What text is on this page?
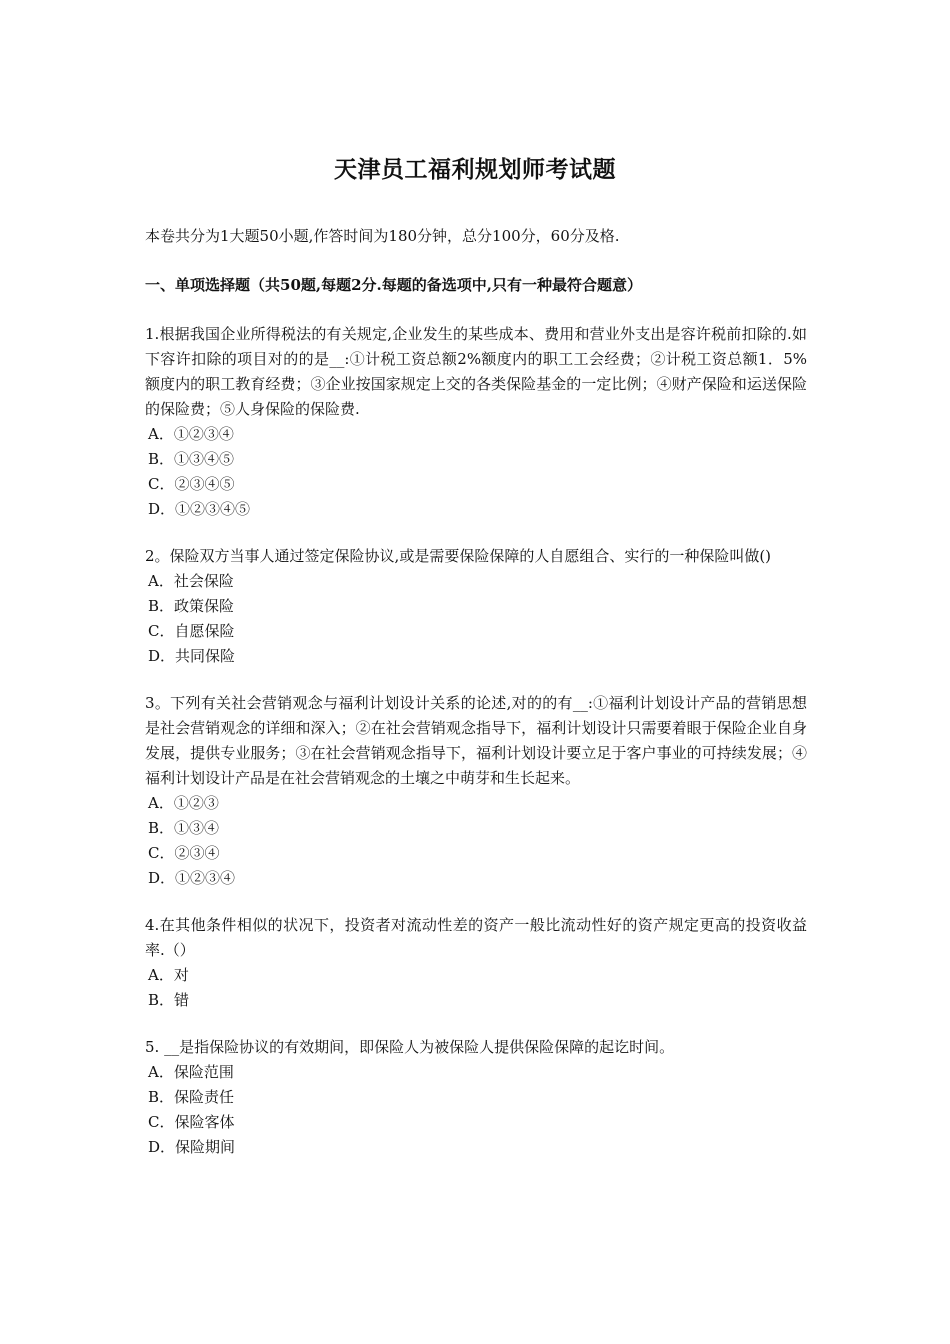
天津员工福利规划师考试题

本卷共分为1大题50小题,作答时间为180分钟，总分100分，60分及格.

一、单项选择题（共50题,每题2分.每题的备选项中,只有一种最符合题意）

1.根据我国企业所得税法的有关规定,企业发生的某些成本、费用和营业外支出是容许税前扣除的.如下容许扣除的项目对的的是__:①计税工资总额2%额度内的职工工会经费；②计税工资总额1．5%额度内的职工教育经费；③企业按国家规定上交的各类保险基金的一定比例；④财产保险和运送保险的保险费；⑤人身保险的保险费.

A．①②③④
B．①③④⑤
C．②③④⑤
D．①②③④⑤

2。保险双方当事人通过签定保险协议,或是需要保险保障的人自愿组合、实行的一种保险叫做()

A．社会保险
B．政策保险
C．自愿保险
D．共同保险

3。下列有关社会营销观念与福利计划设计关系的论述,对的的有__:①福利计划设计产品的营销思想是社会营销观念的详细和深入；②在社会营销观念指导下，福利计划设计只需要着眼于保险企业自身发展，提供专业服务；③在社会营销观念指导下，福利计划设计要立足于客户事业的可持续发展；④福利计划设计产品是在社会营销观念的土壤之中萌芽和生长起来。

A．①②③
B．①③④
C．②③④
D．①②③④

4.在其他条件相似的状况下，投资者对流动性差的资产一般比流动性好的资产规定更高的投资收益率.（）

A．对
B．错

5. __是指保险协议的有效期间，即保险人为被保险人提供保险保障的起讫时间。

A．保险范围
B．保险责任
C．保险客体
D．保险期间
